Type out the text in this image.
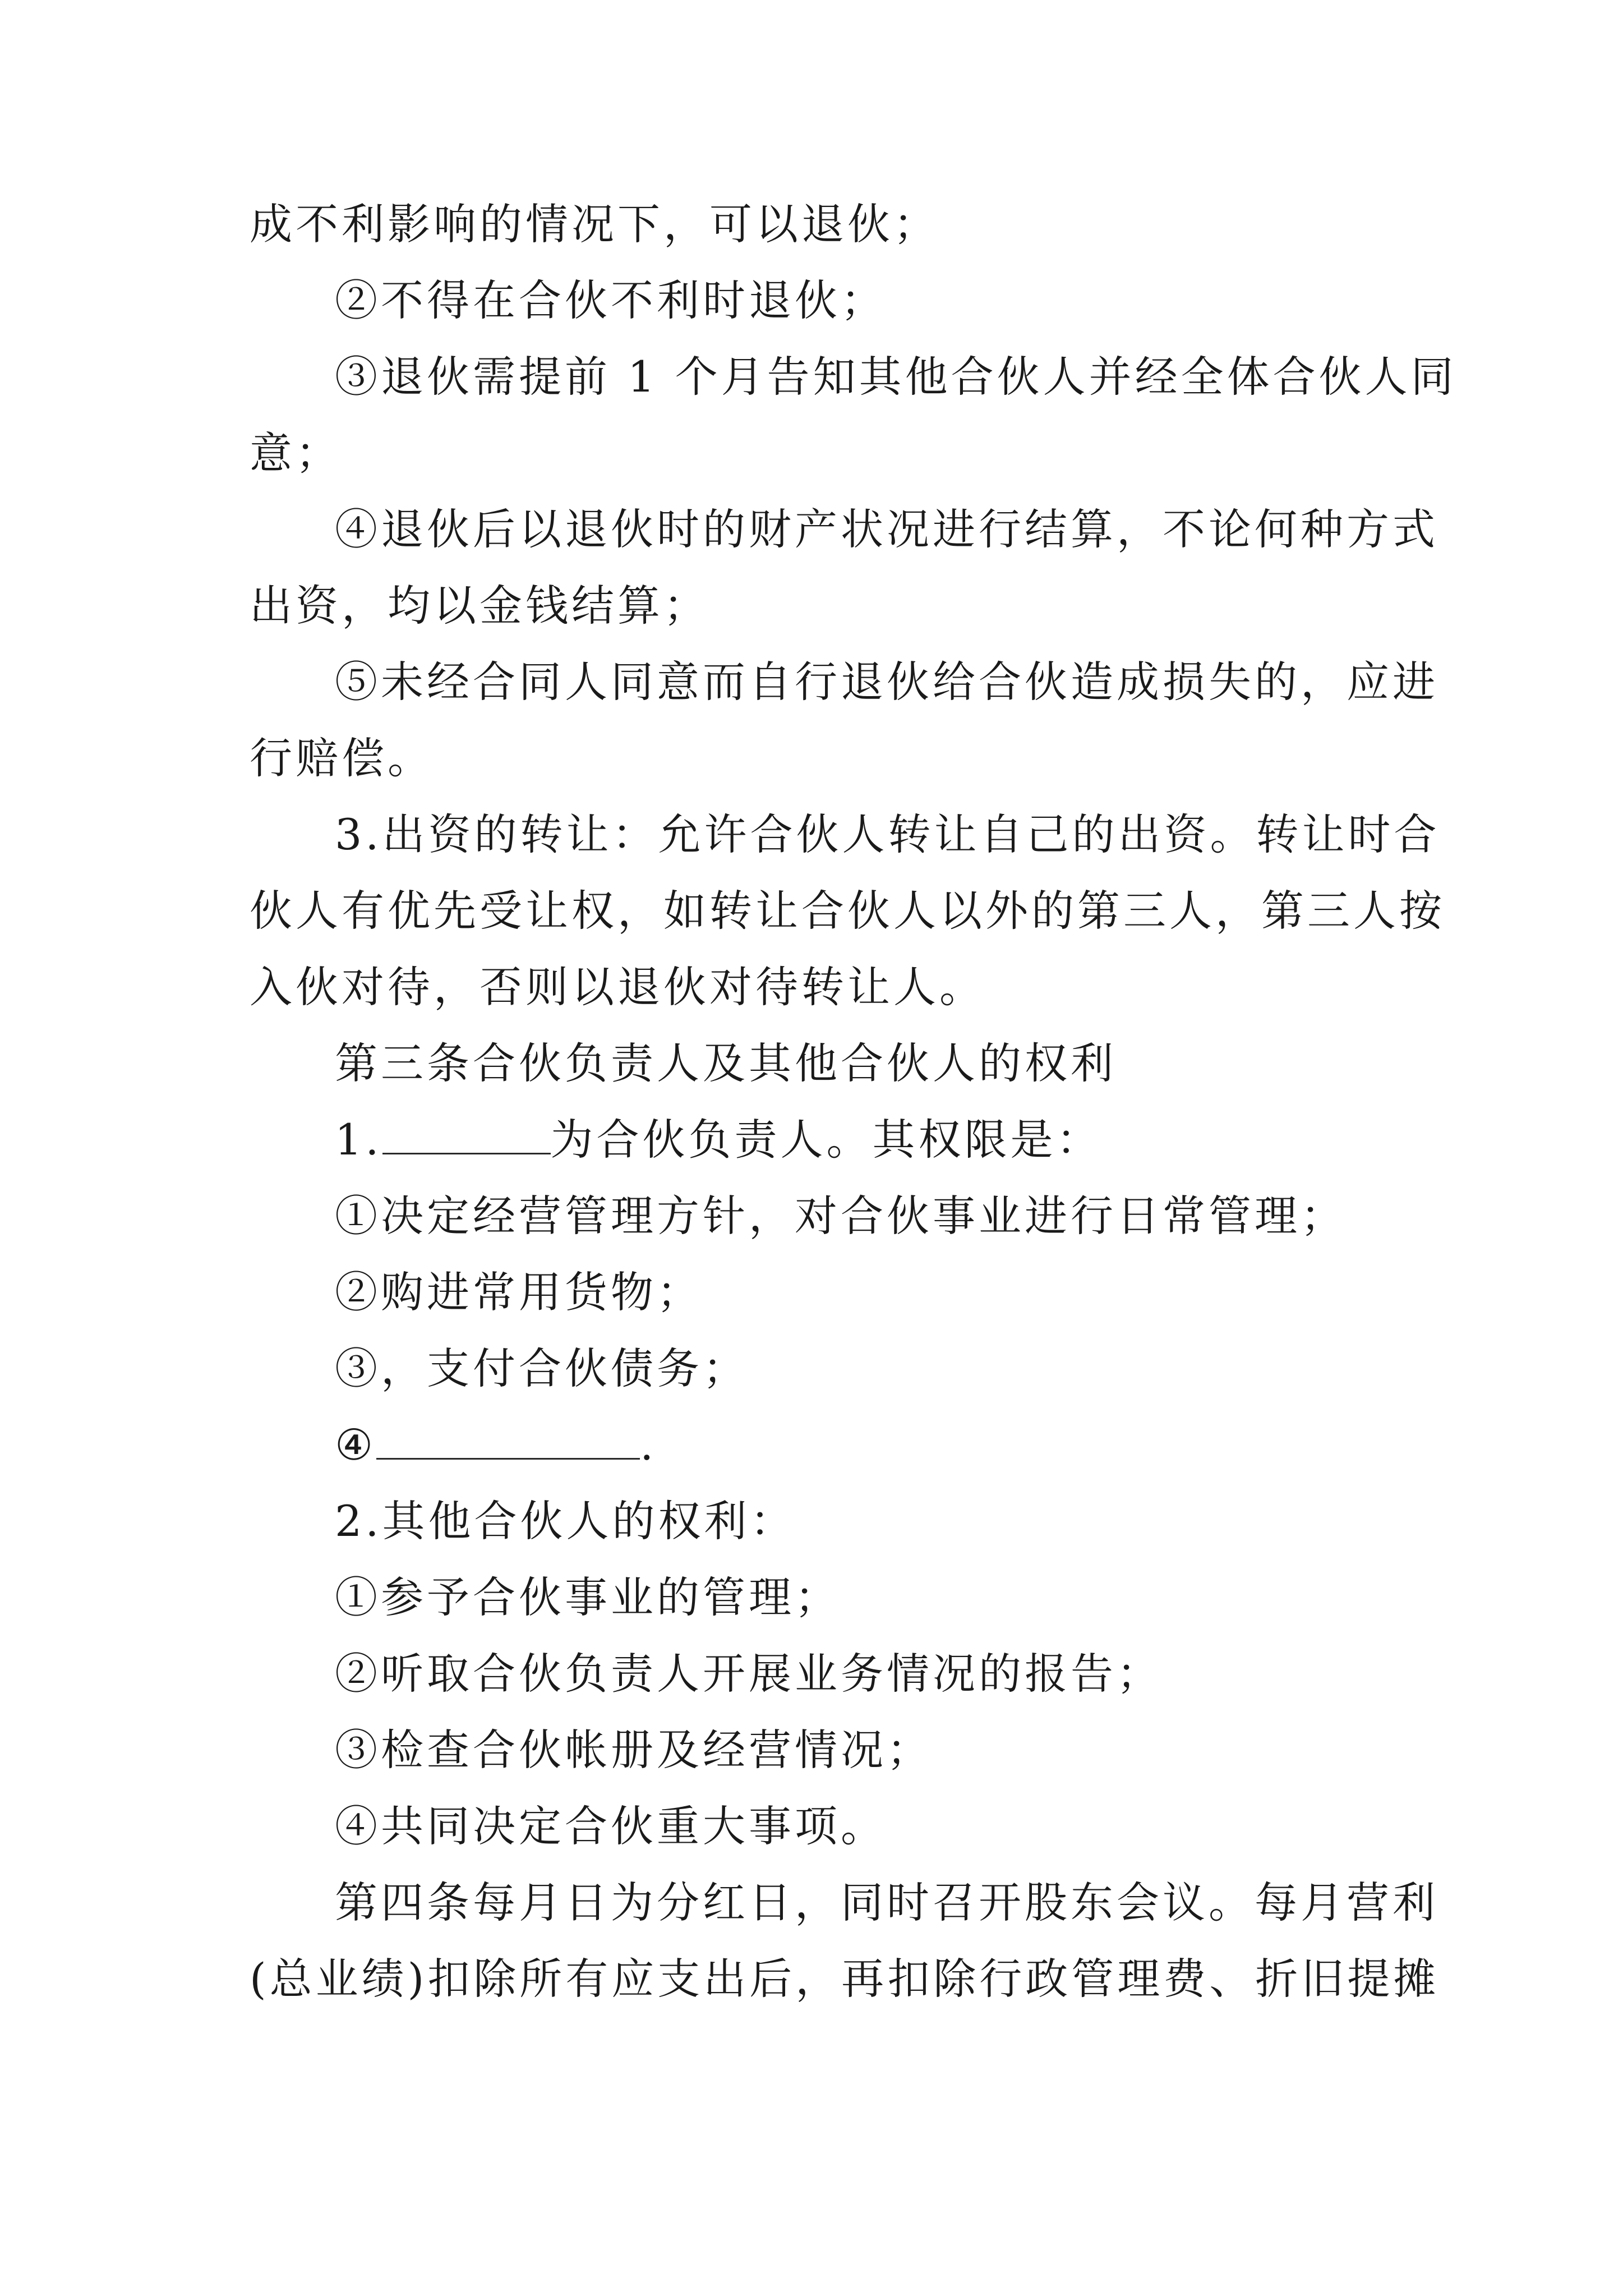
成不利影响的情况下，可以退伙；
②不得在合伙不利时退伙；
③退伙需提前 1 个月告知其他合伙人并经全体合伙人同
意；
④退伙后以退伙时的财产状况进行结算，不论何种方式
出资，均以金钱结算；
⑤未经合同人同意而自行退伙给合伙造成损失的，应进
行赔偿。
3.出资的转让：允许合伙人转让自己的出资。转让时合
伙人有优先受让权，如转让合伙人以外的第三人，第三人按
入伙对待，否则以退伙对待转让人。
第三条合伙负责人及其他合伙人的权利
1.	为合伙负责人。其权限是：
①决定经营管理方针，对合伙事业进行日常管理；
②购进常用货物；
③，支付合伙债务；
④	.
2.其他合伙人的权利：
①参予合伙事业的管理；
②听取合伙负责人开展业务情况的报告；
③检查合伙帐册及经营情况；
④共同决定合伙重大事项。
第四条每月日为分红日，同时召开股东会议。每月营利
(总业绩)扣除所有应支出后，再扣除行政管理费、折旧提摊
